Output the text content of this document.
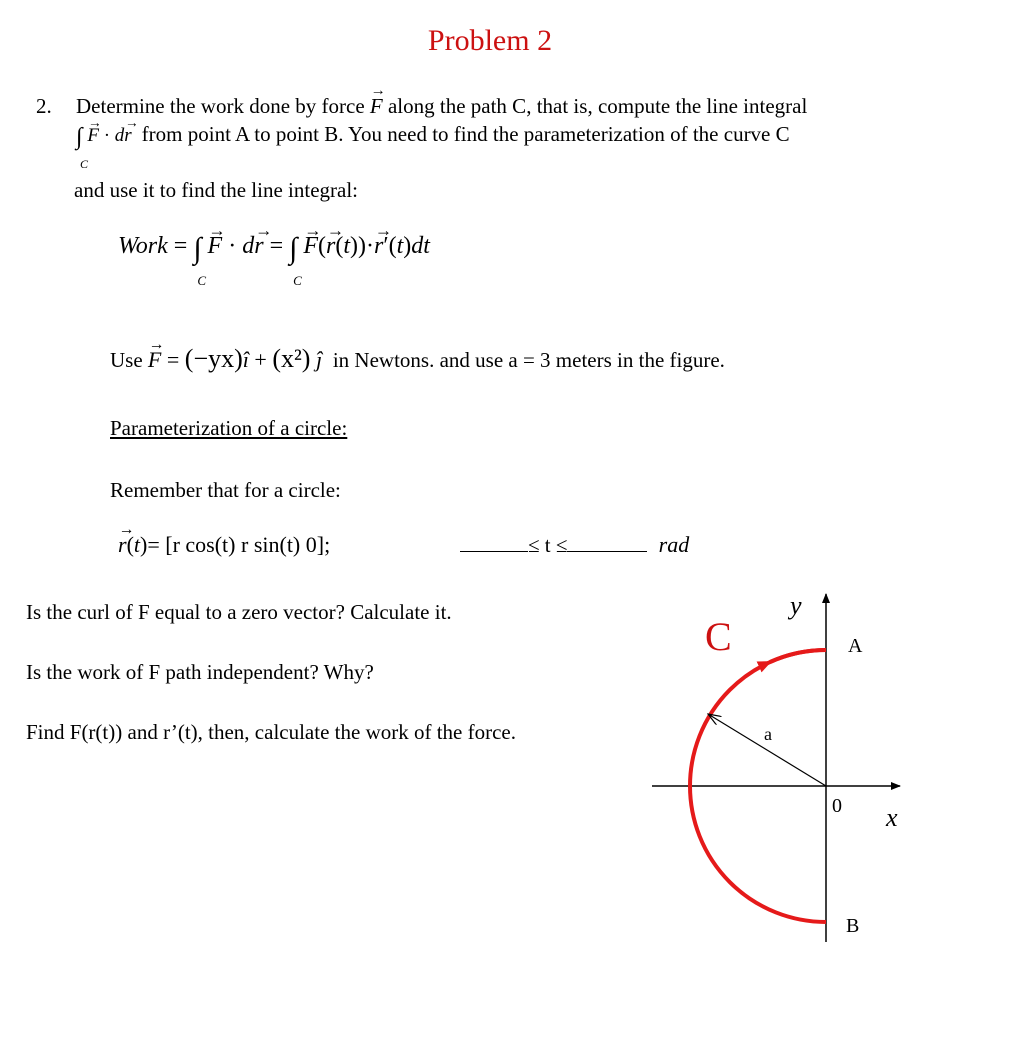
Problem 2
2. Determine the work done by force → F along the path C, that is, compute the line integral
∫ → F · d→ r
C
from point A to point B. You need to find the parameterization of the curve C
and use it to find the line integral:
Work = ∫
C
→ F · d→ r = ∫
C
→ F(→ r(t))·→ r′(t)dt
Use → F = (−yx)î + (x²) ĵ in Newtons. and use a = 3 meters in the figure.
Parameterization of a circle:
Remember that for a circle:
→ r(t)= [r cos(t) r sin(t) 0];	≤ t ≤	rad
Is the curl of F equal to a zero vector? Calculate it.
Is the work of F path independent? Why?
Find F(r(t)) and r’(t), then, calculate the work of the force.
C
y
A
a
0 x
B
